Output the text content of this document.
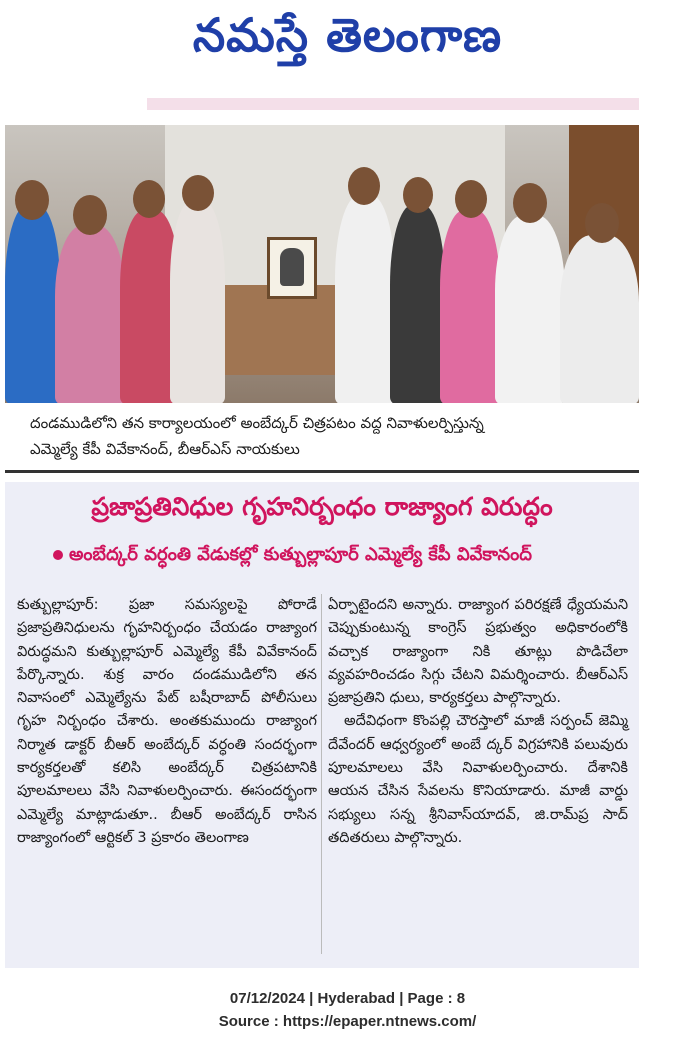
నమస్తే తెలంగాణ
దండముడిలోని తన కార్యాలయంలో అంబేద్కర్ చిత్రపటం వద్ద నివాళులర్పిస్తున్న
ఎమ్మెల్యే కేపీ వివేకానంద్, బీఆర్ఎస్ నాయకులు
ప్రజాప్రతినిధుల గృహనిర్బంధం రాజ్యాంగ విరుద్ధం
అంబేద్కర్ వర్ధంతి వేడుకల్లో కుత్బుల్లాపూర్ ఎమ్మెల్యే కేపీ వివేకానంద్

కుత్బుల్లాపూర్: ప్రజా సమస్యలపై పోరాడే ప్రజాప్రతినిధులను గృహనిర్బంధం చేయడం రాజ్యాంగ విరుద్ధమని కుత్బుల్లాపూర్ ఎమ్మెల్యే కేపీ వివేకానంద్ పేర్కొన్నారు. శుక్ర వారం దండముడిలోని తన నివాసంలో ఎమ్మెల్యేను పేట్ బషీరాబాద్ పోలీసులు గృహ నిర్బంధం చేశారు. అంతకుముందు రాజ్యాంగ నిర్మాత డాక్టర్ బీఆర్ అంబేద్కర్ వర్ధంతి సందర్భంగా కార్యకర్తలతో కలిసి అంబేద్కర్ చిత్రపటానికి పూలమాలలు వేసి నివాళులర్పించారు. ఈసందర్భంగా ఎమ్మెల్యే మాట్లాడుతూ.. బీఆర్ అంబేద్కర్ రాసిన రాజ్యాంగంలో ఆర్టికల్ 3 ప్రకారం తెలంగాణ

ఏర్పాటైందని అన్నారు. రాజ్యాంగ పరిరక్షణే ధ్యేయమని చెప్పుకుంటున్న కాంగ్రెస్ ప్రభుత్వం అధికారంలోకి వచ్చాక రాజ్యాంగా నికి తూట్లు పొడిచేలా వ్యవహరించడం సిగ్గు చేటని విమర్శించారు. బీఆర్ఎస్ ప్రజాప్రతిని ధులు, కార్యకర్తలు పాల్గొన్నారు.

అదేవిధంగా కొంపల్లి చౌరస్తాలో మాజీ సర్పంచ్ జెమ్మి దేవేందర్ ఆధ్వర్యంలో అంబే ద్కర్ విగ్రహానికి పలువురు పూలమాలలు వేసి నివాళులర్పించారు. దేశానికి ఆయన చేసిన సేవలను కొనియాడారు. మాజీ వార్డు సభ్యులు సన్న శ్రీనివాస్‌యాదవ్, జి.రామ్‌ప్ర సాద్ తదితరులు పాల్గొన్నారు.

07/12/2024 | Hyderabad | Page : 8
Source : https://epaper.ntnews.com/
